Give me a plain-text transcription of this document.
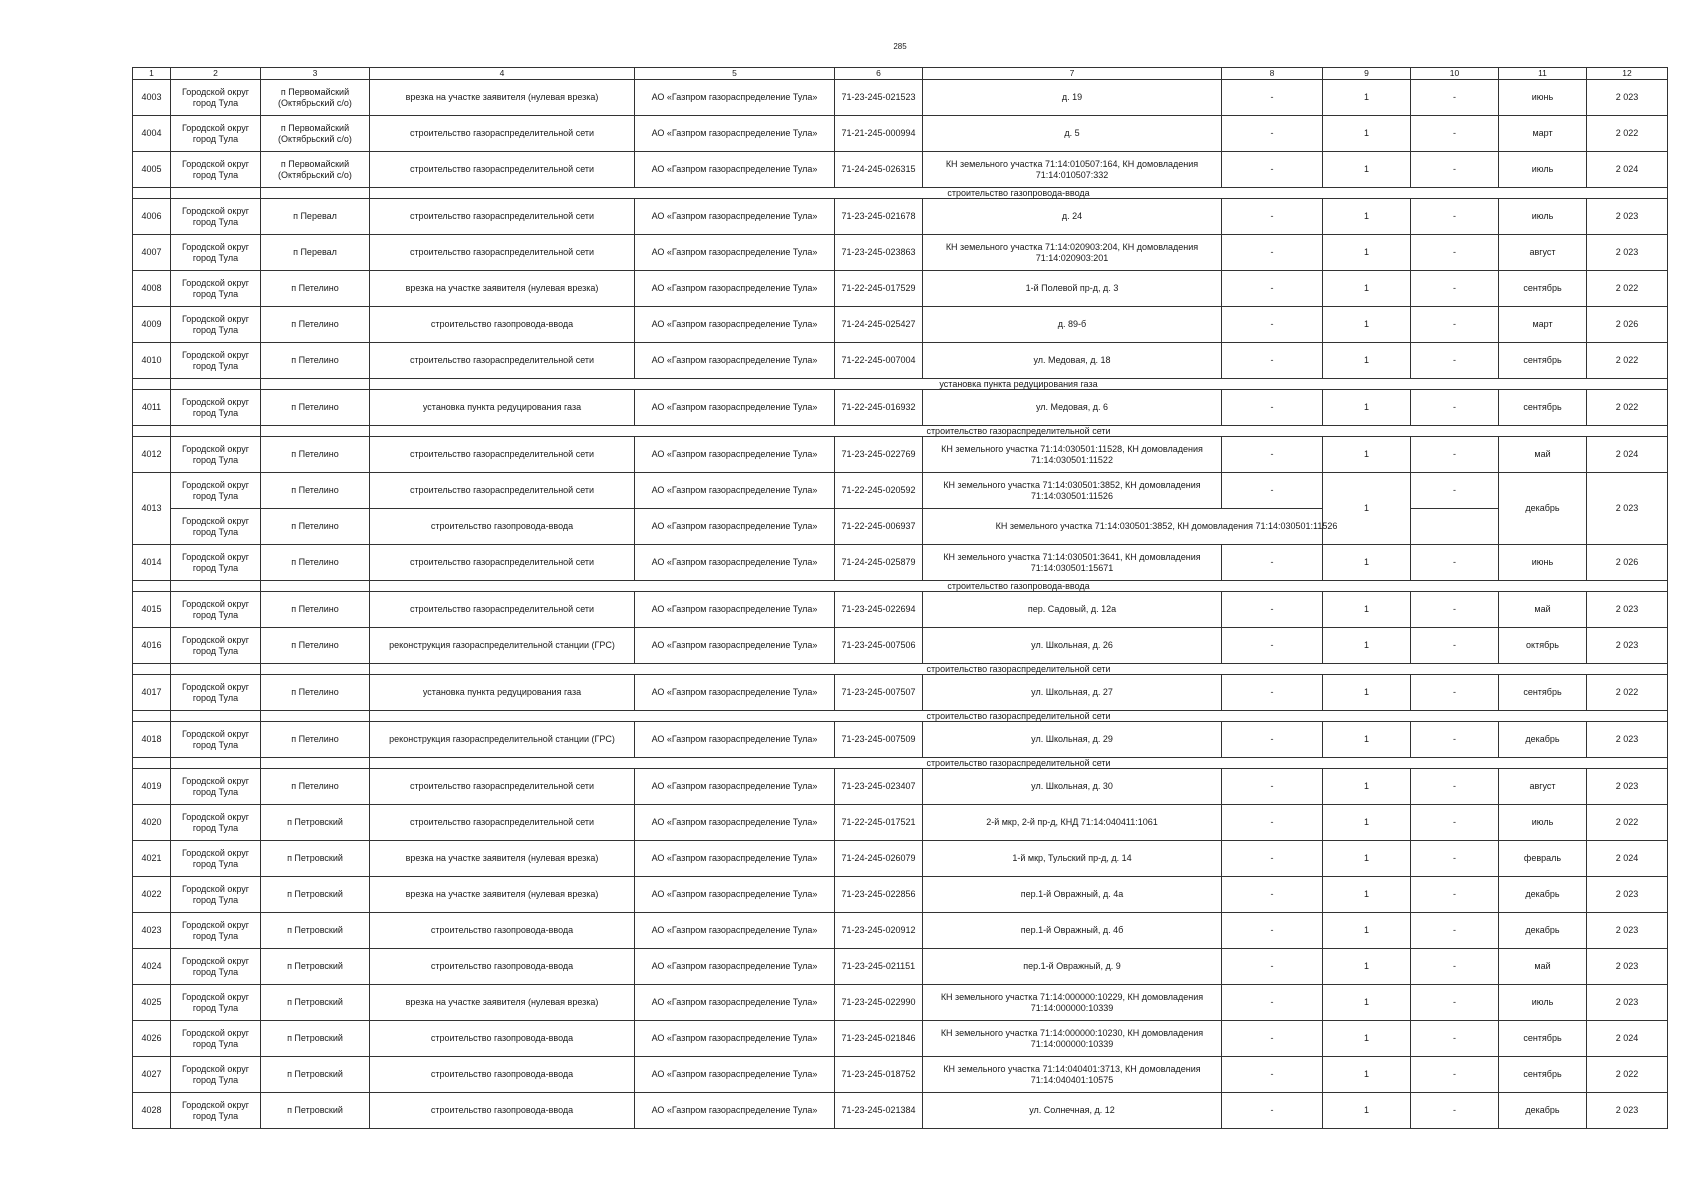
285
1	2	3	4	5	6	7	8	9	10	11	12
4003	Городской округ город Тула	п Первомайский (Октябрьский с/о)	врезка на участке заявителя (нулевая врезка)	АО «Газпром газораспределение Тула»	71-23-245-021523	д. 19	-	1	-	июнь	2 023
4004	Городской округ город Тула	п Первомайский (Октябрьский с/о)	строительство газораспределительной сети	АО «Газпром газораспределение Тула»	71-21-245-000994	д. 5	-	1	-	март	2 022
4005	Городской округ город Тула	п Первомайский (Октябрьский с/о)	строительство газораспределительной сети	АО «Газпром газораспределение Тула»	71-24-245-026315	КН земельного участка 71:14:010507:164, КН домовладения 71:14:010507:332	-	1	-	июль	2 024
			строительство газопровода-ввода								
4006	Городской округ город Тула	п Перевал	строительство газораспределительной сети	АО «Газпром газораспределение Тула»	71-23-245-021678	д. 24	-	1	-	июль	2 023
4007	Городской округ город Тула	п Перевал	строительство газораспределительной сети	АО «Газпром газораспределение Тула»	71-23-245-023863	КН земельного участка 71:14:020903:204, КН домовладения 71:14:020903:201	-	1	-	август	2 023
4008	Городской округ город Тула	п Петелино	врезка на участке заявителя (нулевая врезка)	АО «Газпром газораспределение Тула»	71-22-245-017529	1-й Полевой пр-д, д. 3	-	1	-	сентябрь	2 022
4009	Городской округ город Тула	п Петелино	строительство газопровода-ввода	АО «Газпром газораспределение Тула»	71-24-245-025427	д. 89-б	-	1	-	март	2 026
4010	Городской округ город Тула	п Петелино	строительство газораспределительной сети	АО «Газпром газораспределение Тула»	71-22-245-007004	ул. Медовая, д. 18	-	1	-	сентябрь	2 022
			установка пункта редуцирования газа								
4011	Городской округ город Тула	п Петелино	установка пункта редуцирования газа	АО «Газпром газораспределение Тула»	71-22-245-016932	ул. Медовая, д. 6	-	1	-	сентябрь	2 022
			строительство газораспределительной сети								
4012	Городской округ город Тула	п Петелино	строительство газораспределительной сети	АО «Газпром газораспределение Тула»	71-23-245-022769	КН земельного участка 71:14:030501:11528, КН домовладения 71:14:030501:11522	-	1	-	май	2 024
4013	Городской округ город Тула	п Петелино	строительство газораспределительной сети	АО «Газпром газораспределение Тула»	71-22-245-020592	КН земельного участка 71:14:030501:3852, КН домовладения 71:14:030501:11526	-	1	-	декабрь	2 023
	Городской округ город Тула	п Петелино	строительство газопровода-ввода	АО «Газпром газораспределение Тула»	71-22-245-006937	КН земельного участка 71:14:030501:3852, КН домовладения 71:14:030501:11526					
4014	Городской округ город Тула	п Петелино	строительство газораспределительной сети	АО «Газпром газораспределение Тула»	71-24-245-025879	КН земельного участка 71:14:030501:3641, КН домовладения 71:14:030501:15671	-	1	-	июнь	2 026
			строительство газопровода-ввода								
4015	Городской округ город Тула	п Петелино	строительство газораспределительной сети	АО «Газпром газораспределение Тула»	71-23-245-022694	пер. Садовый, д. 12а	-	1	-	май	2 023
4016	Городской округ город Тула	п Петелино	реконструкция газораспределительной станции (ГРС)	АО «Газпром газораспределение Тула»	71-23-245-007506	ул. Школьная, д. 26	-	1	-	октябрь	2 023
			строительство газораспределительной сети								
4017	Городской округ город Тула	п Петелино	установка пункта редуцирования газа	АО «Газпром газораспределение Тула»	71-23-245-007507	ул. Школьная, д. 27	-	1	-	сентябрь	2 022
			строительство газораспределительной сети								
4018	Городской округ город Тула	п Петелино	реконструкция газораспределительной станции (ГРС)	АО «Газпром газораспределение Тула»	71-23-245-007509	ул. Школьная, д. 29	-	1	-	декабрь	2 023
			строительство газораспределительной сети								
4019	Городской округ город Тула	п Петелино	строительство газораспределительной сети	АО «Газпром газораспределение Тула»	71-23-245-023407	ул. Школьная, д. 30	-	1	-	август	2 023
4020	Городской округ город Тула	п Петровский	строительство газораспределительной сети	АО «Газпром газораспределение Тула»	71-22-245-017521	2-й мкр, 2-й пр-д, КНД 71:14:040411:1061	-	1	-	июль	2 022
4021	Городской округ город Тула	п Петровский	врезка на участке заявителя (нулевая врезка)	АО «Газпром газораспределение Тула»	71-24-245-026079	1-й мкр, Тульский пр-д, д. 14	-	1	-	февраль	2 024
4022	Городской округ город Тула	п Петровский	врезка на участке заявителя (нулевая врезка)	АО «Газпром газораспределение Тула»	71-23-245-022856	пер.1-й Овражный, д. 4а	-	1	-	декабрь	2 023
4023	Городской округ город Тула	п Петровский	строительство газопровода-ввода	АО «Газпром газораспределение Тула»	71-23-245-020912	пер.1-й Овражный, д. 4б	-	1	-	декабрь	2 023
4024	Городской округ город Тула	п Петровский	строительство газопровода-ввода	АО «Газпром газораспределение Тула»	71-23-245-021151	пер.1-й Овражный, д. 9	-	1	-	май	2 023
4025	Городской округ город Тула	п Петровский	врезка на участке заявителя (нулевая врезка)	АО «Газпром газораспределение Тула»	71-23-245-022990	КН земельного участка 71:14:000000:10229, КН домовладения 71:14:000000:10339	-	1	-	июль	2 023
4026	Городской округ город Тула	п Петровский	строительство газопровода-ввода	АО «Газпром газораспределение Тула»	71-23-245-021846	КН земельного участка 71:14:000000:10230, КН домовладения 71:14:000000:10339	-	1	-	сентябрь	2 024
4027	Городской округ город Тула	п Петровский	строительство газопровода-ввода	АО «Газпром газораспределение Тула»	71-23-245-018752	КН земельного участка 71:14:040401:3713, КН домовладения 71:14:040401:10575	-	1	-	сентябрь	2 022
4028	Городской округ город Тула	п Петровский	строительство газопровода-ввода	АО «Газпром газораспределение Тула»	71-23-245-021384	ул. Солнечная, д. 12	-	1	-	декабрь	2 023
